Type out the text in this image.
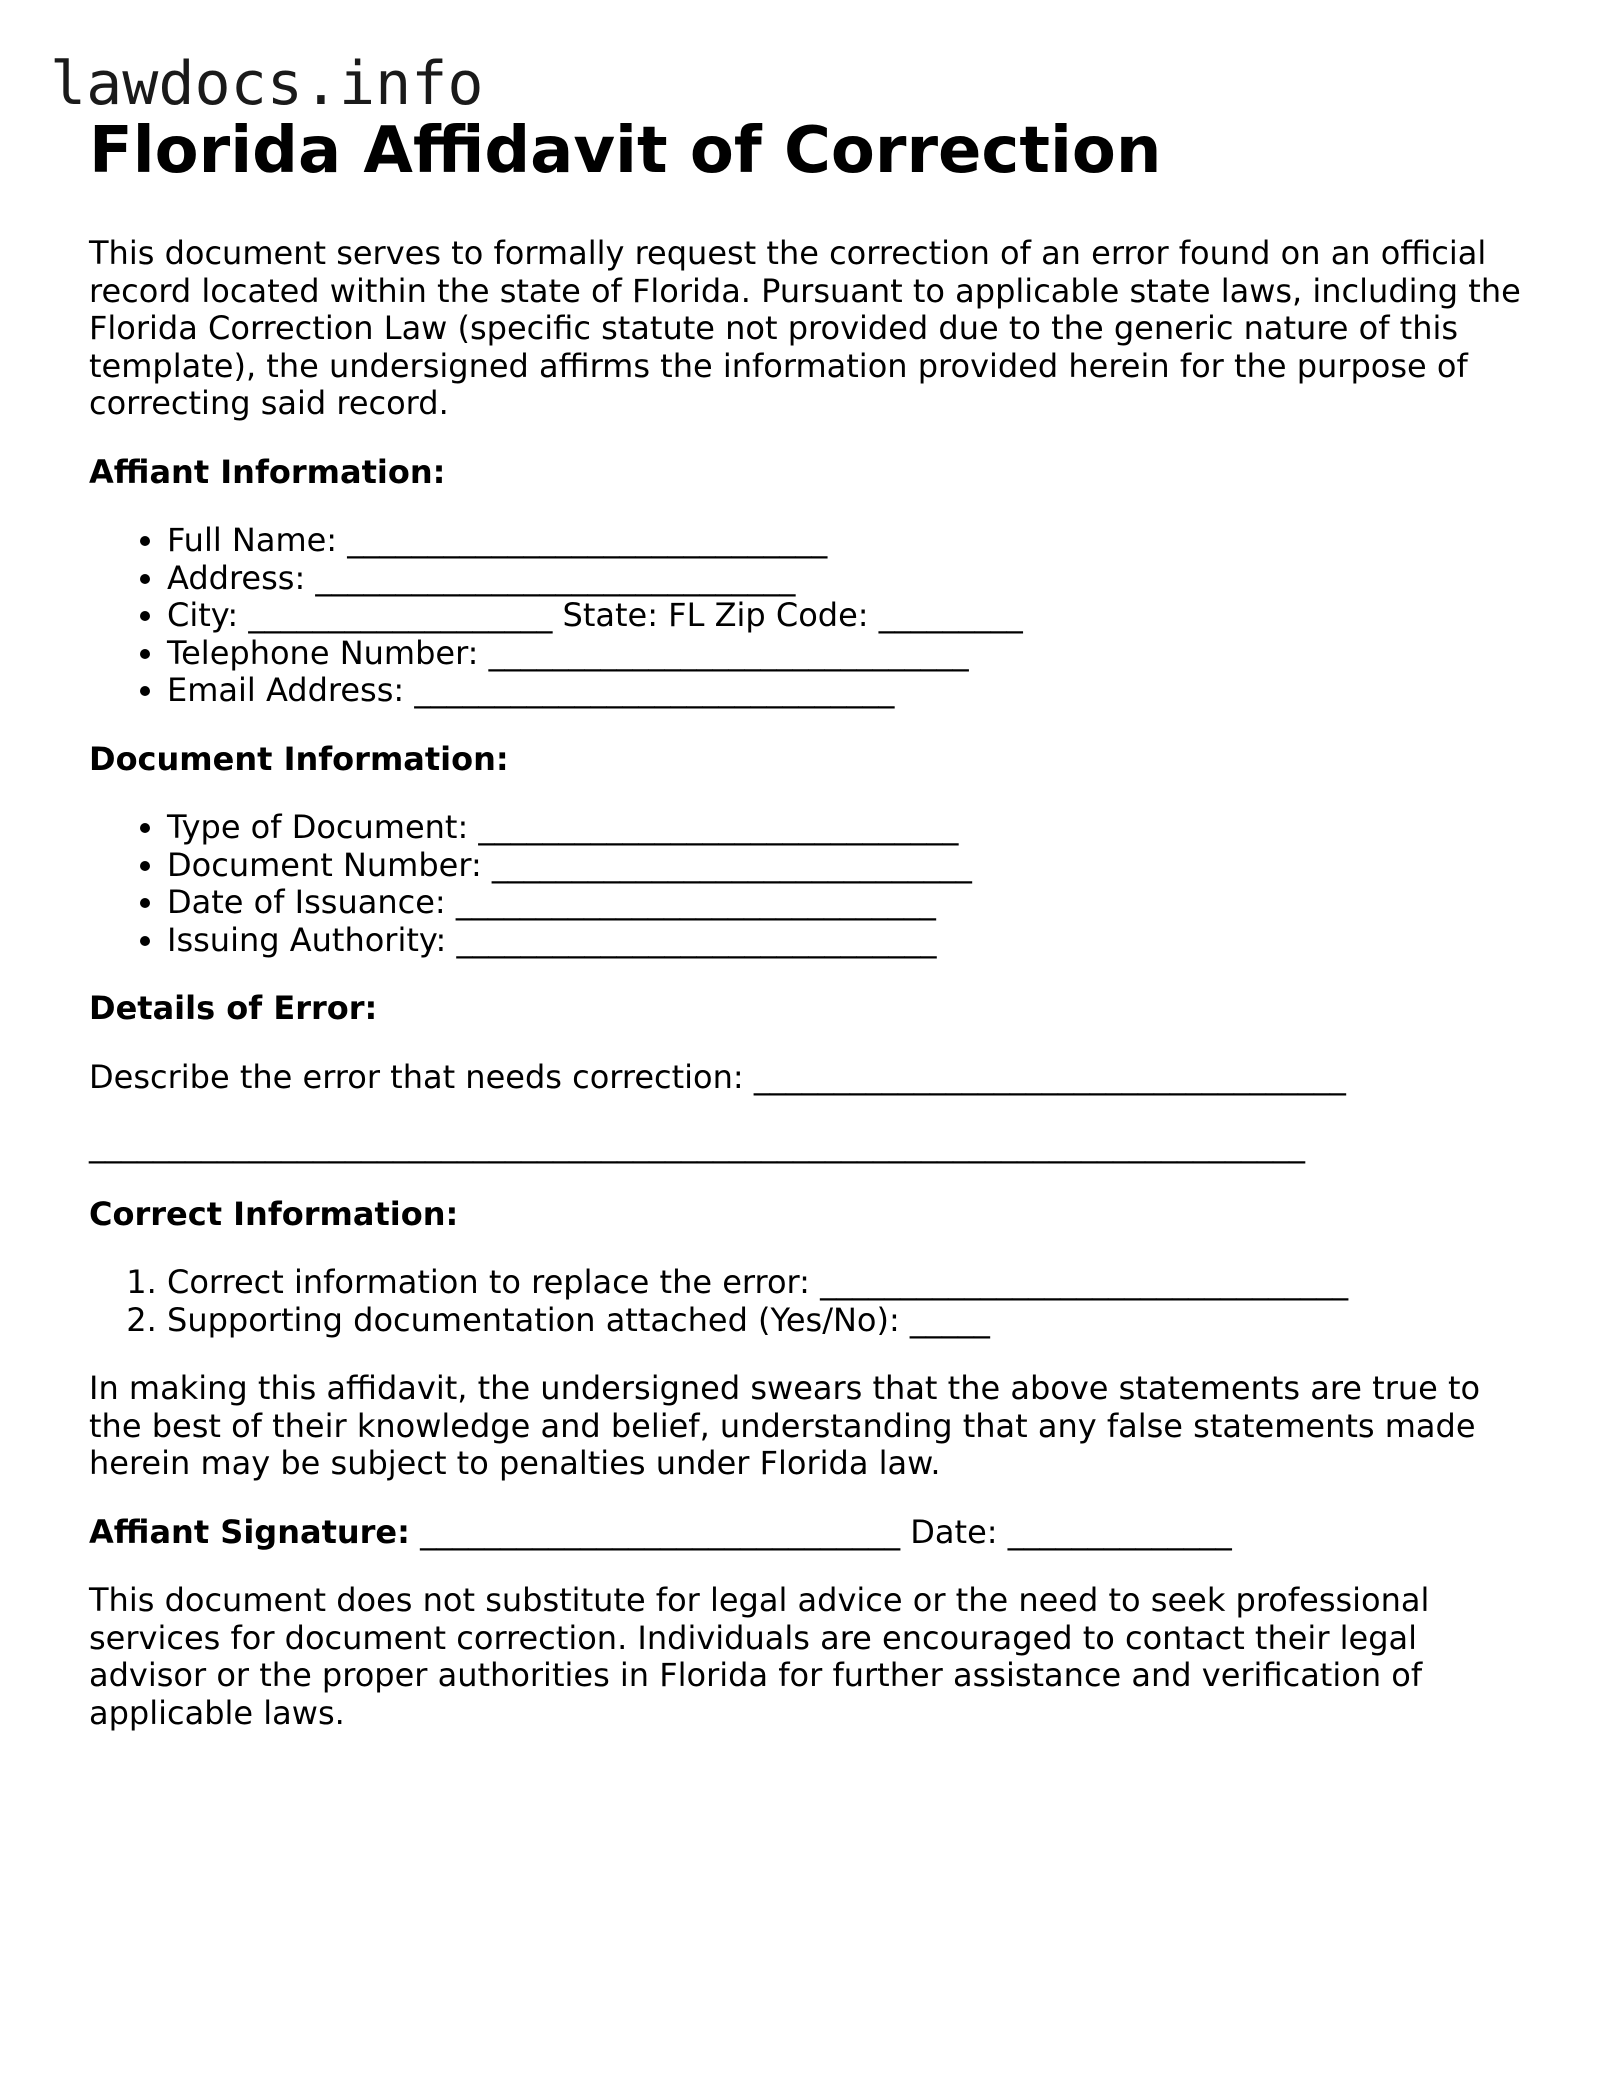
lawdocs.info
Florida Affidavit of Correction

This document serves to formally request the correction of an error found on an official record located within the state of Florida. Pursuant to applicable state laws, including the Florida Correction Law (specific statute not provided due to the generic nature of this template), the undersigned affirms the information provided herein for the purpose of correcting said record.

Affiant Information:
• Full Name: ______________________________
• Address: ______________________________
• City: ___________________ State: FL Zip Code: _________
• Telephone Number: ______________________________
• Email Address: ______________________________
Document Information:
• Type of Document: ______________________________
• Document Number: ______________________________
• Date of Issuance: ______________________________
• Issuing Authority: ______________________________
Details of Error:

Describe the error that needs correction: _____________________________________

____________________________________________________________________________

Correct Information:
1. Correct information to replace the error: _________________________________
2. Supporting documentation attached (Yes/No): _____

In making this affidavit, the undersigned swears that the above statements are true to the best of their knowledge and belief, understanding that any false statements made herein may be subject to penalties under Florida law.

Affiant Signature: ______________________________ Date: ______________

This document does not substitute for legal advice or the need to seek professional services for document correction. Individuals are encouraged to contact their legal advisor or the proper authorities in Florida for further assistance and verification of applicable laws.
